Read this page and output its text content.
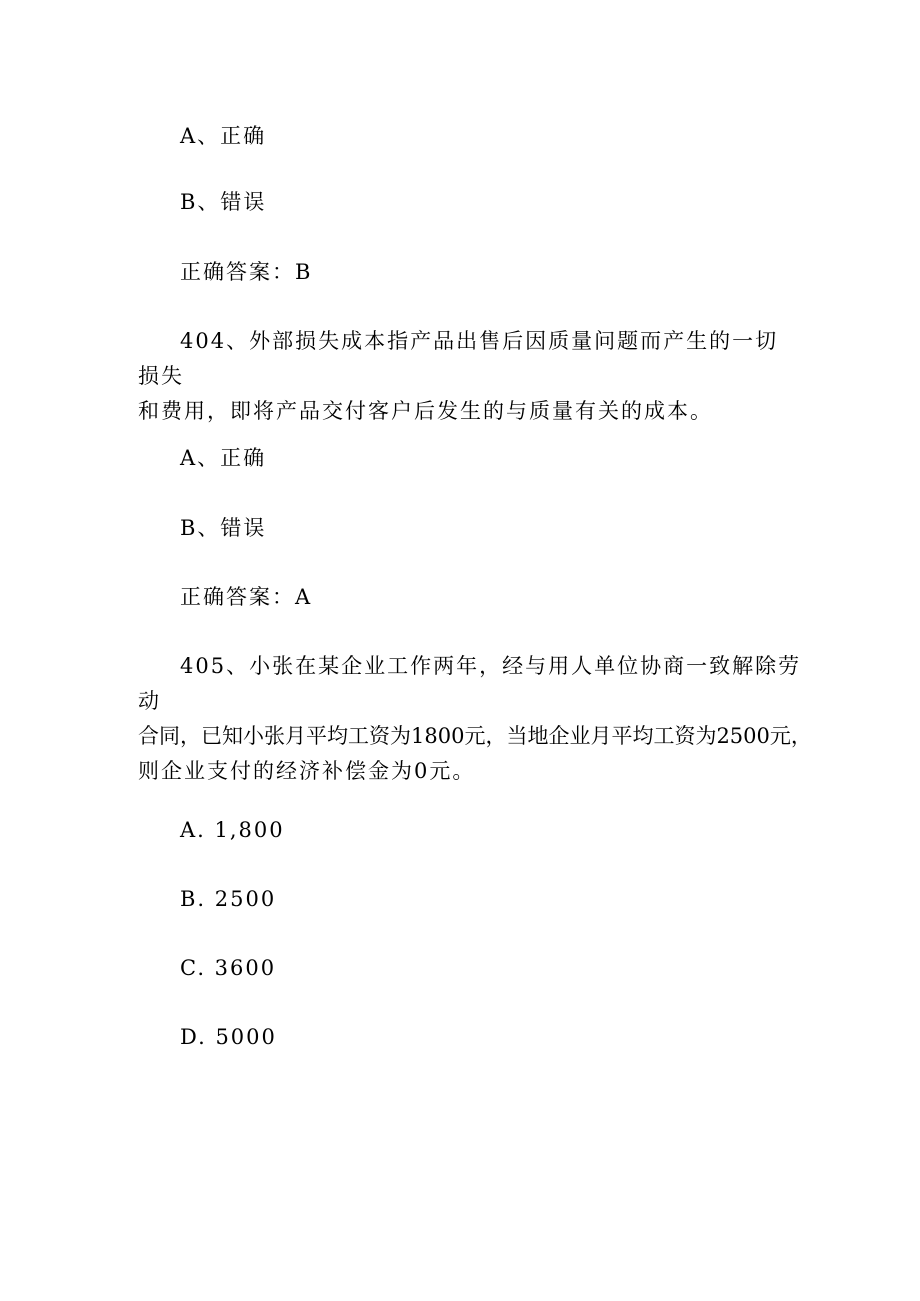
A、正确
B、错误
正确答案：B

404、外部损失成本指产品出售后因质量问题而产生的一切损失

和费用，即将产品交付客户后发生的与质量有关的成本。

A、正确
B、错误
正确答案：A

405、小张在某企业工作两年，经与用人单位协商一致解除劳动

合同，已知小张月平均工资为1800元，当地企业月平均工资为2500元，

则企业支付的经济补偿金为0元。

A. 1,800
B. 2500
C. 3600
D. 5000
